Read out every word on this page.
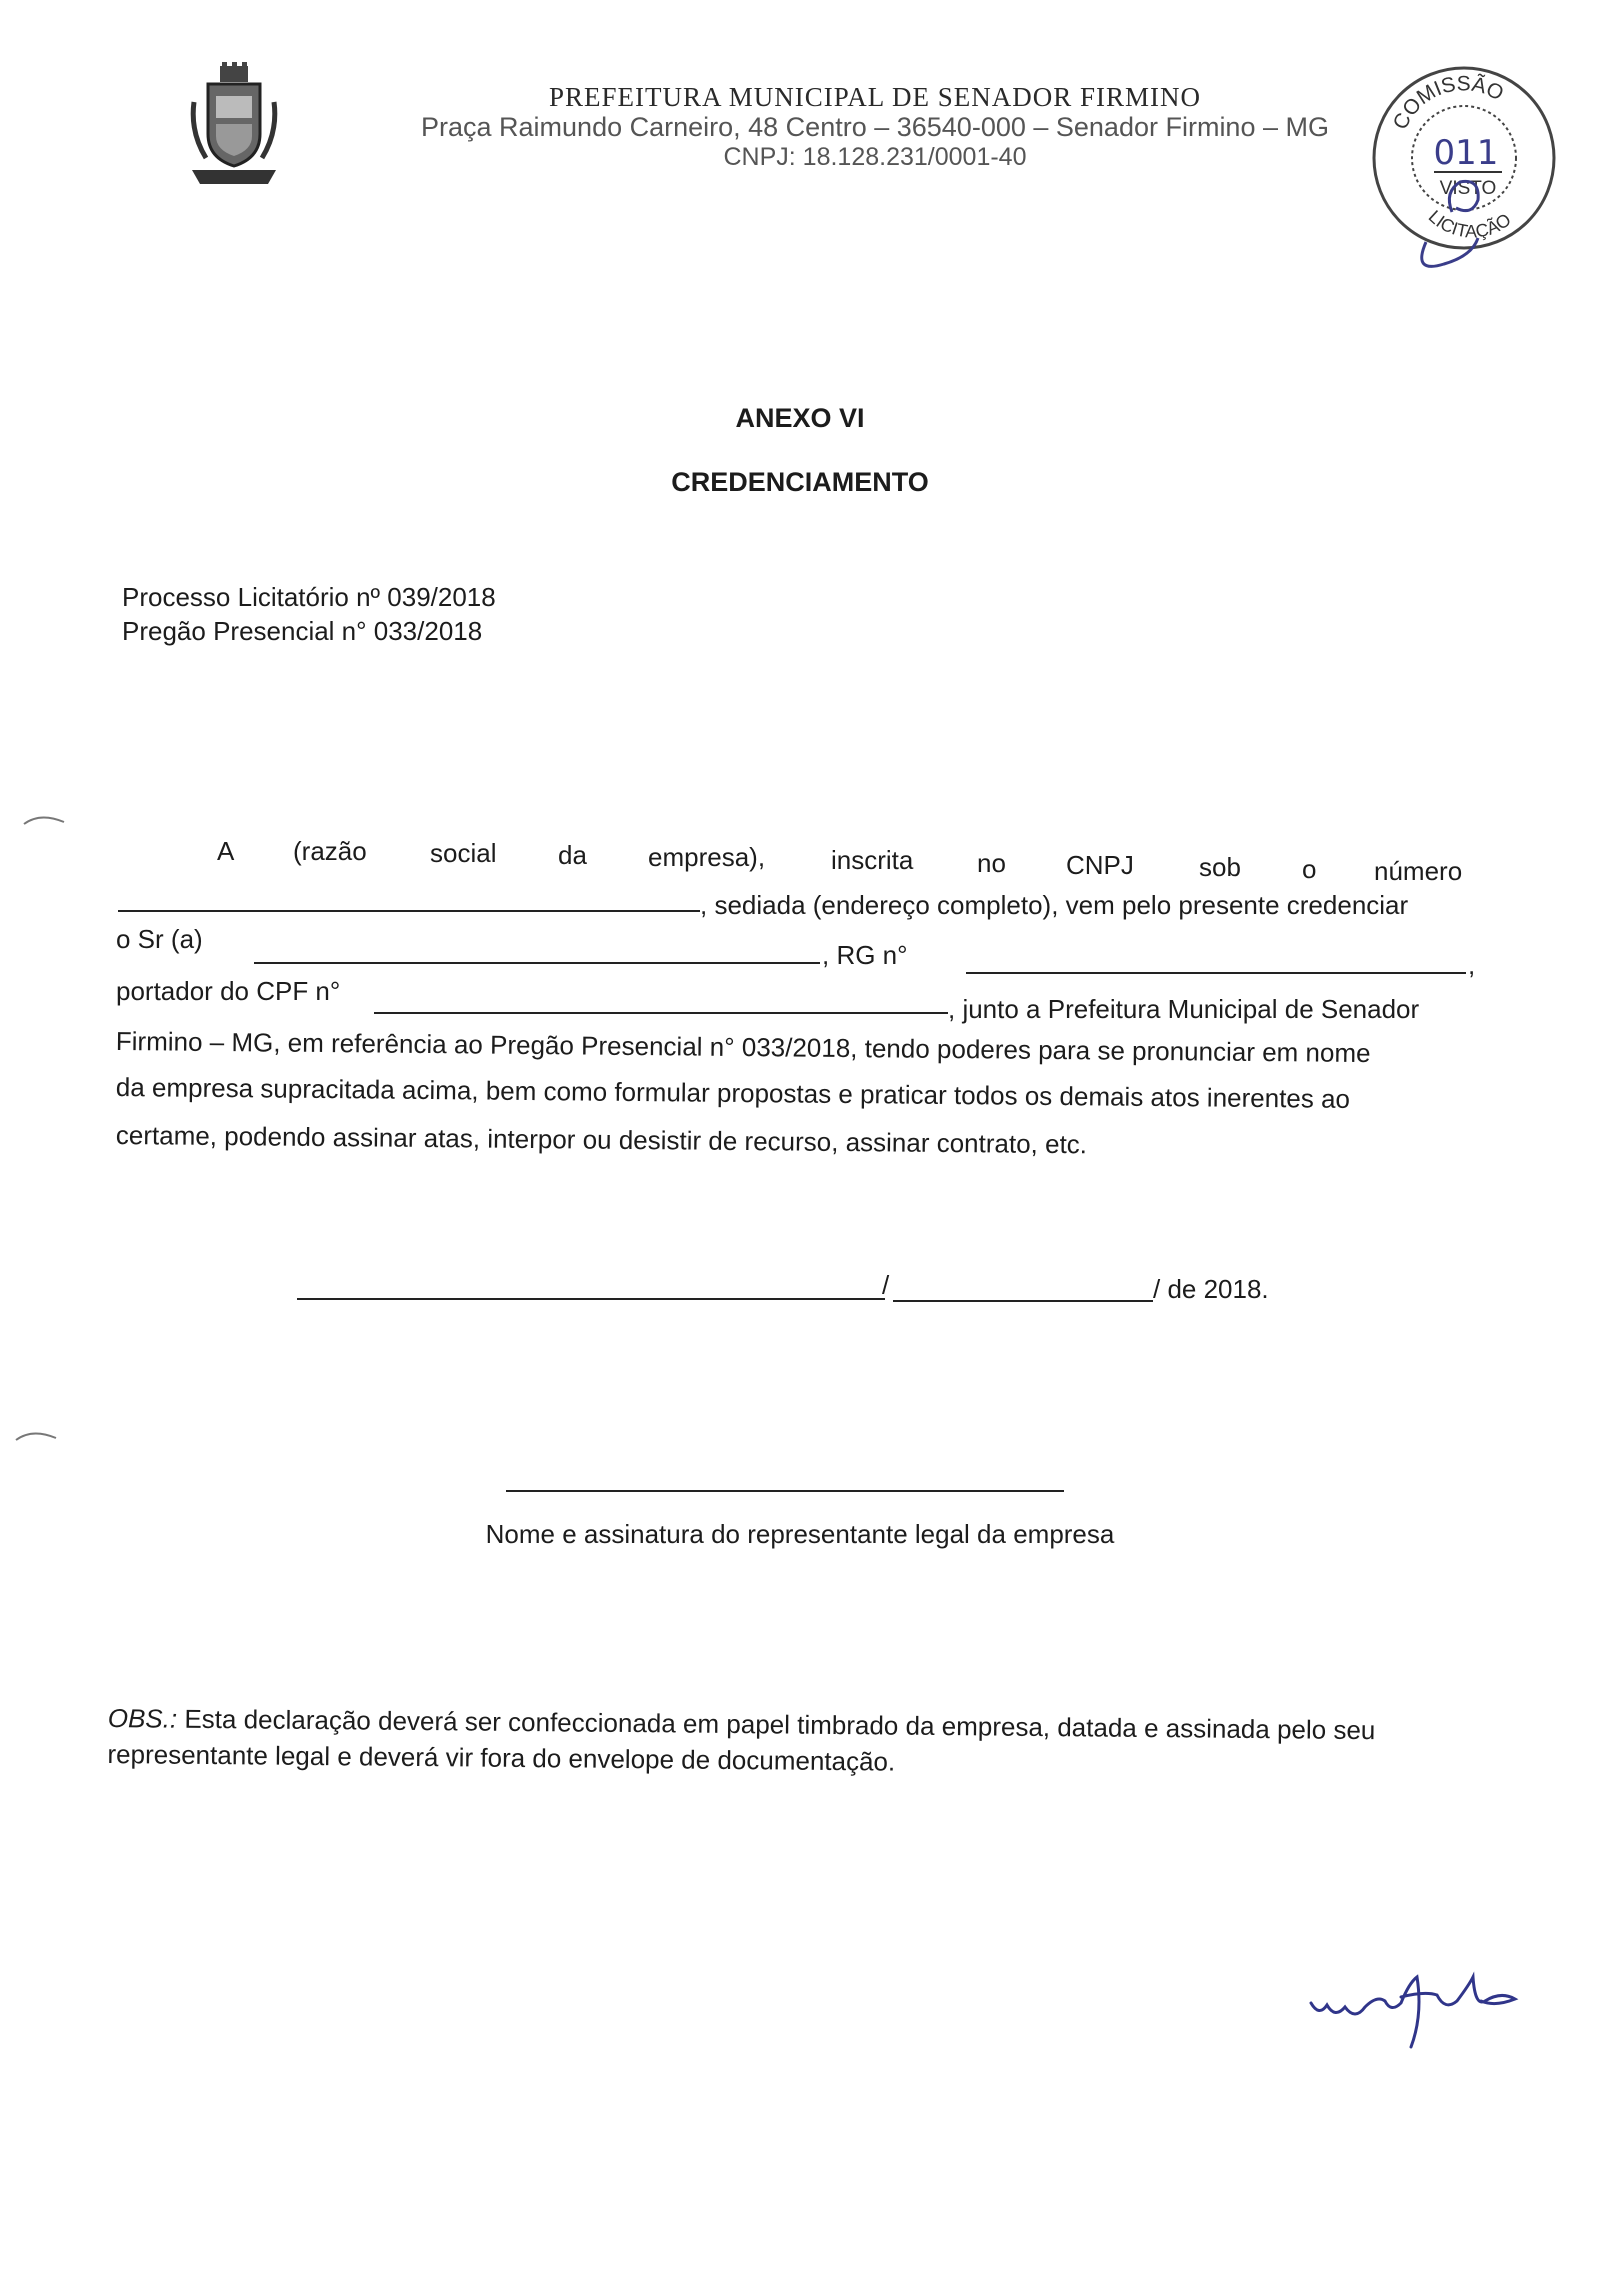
PREFEITURA MUNICIPAL DE SENADOR FIRMINO
Praça Raimundo Carneiro, 48 Centro – 36540-000 – Senador Firmino – MG
CNPJ: 18.128.231/0001-40
COMISSÃO
011
VISTO
LICITAÇÃO
ANEXO VI
CREDENCIAMENTO
Processo Licitatório nº 039/2018
Pregão Presencial n° 033/2018
A (razão social da empresa),	inscrita no CNPJ	sob o número
, sediada (endereço completo), vem pelo presente credenciar
o Sr (a)
, RG n°	,
portador do CPF n°
, junto a Prefeitura Municipal de Senador
Firmino – MG, em referência ao Pregão Presencial n° 033/2018, tendo poderes para se pronunciar em nome
da empresa supracitada acima, bem como formular propostas e praticar todos os demais atos inerentes ao
certame, podendo assinar atas, interpor ou desistir de recurso, assinar contrato, etc.
/	/ de 2018.
Nome e assinatura do representante legal da empresa
OBS.: Esta declaração deverá ser confeccionada em papel timbrado da empresa, datada e assinada pelo seu representante legal e deverá vir fora do envelope de documentação.
